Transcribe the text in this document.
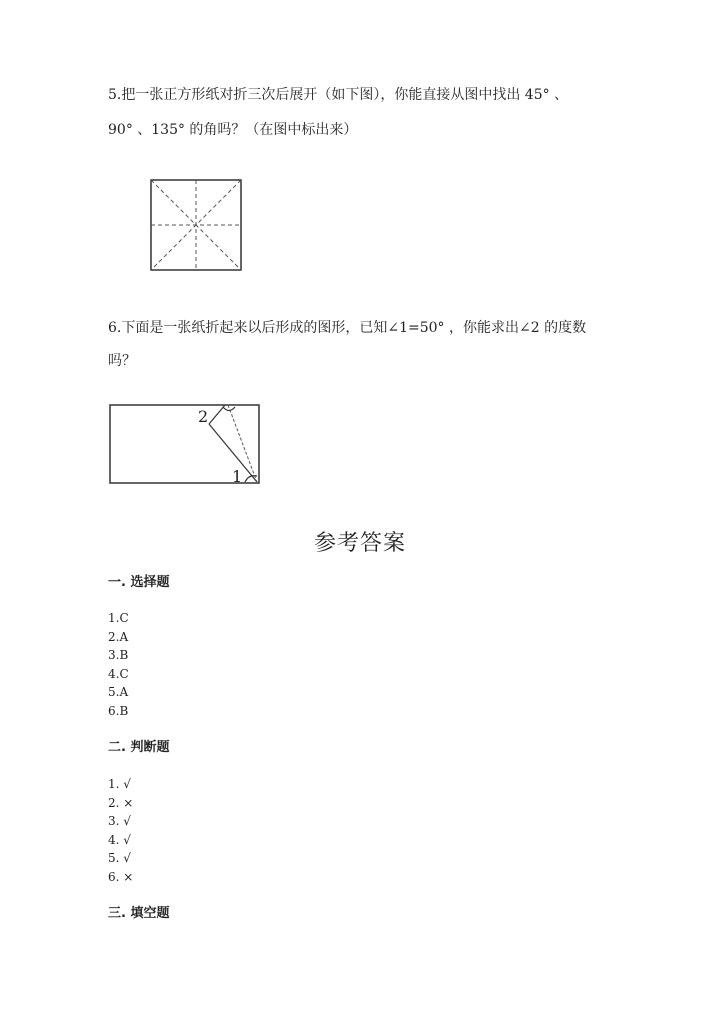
5.把一张正方形纸对折三次后展开（如下图），你能直接从图中找出 45° 、
90° 、135° 的角吗？（在图中标出来）
6.下面是一张纸折起来以后形成的图形，已知∠1=50° ，你能求出∠2 的度数
吗？
2
1
参考答案
一. 选择题
1.C
2.A
3.B
4.C
5.A
6.B
二. 判断题
1. √
2. ×
3. √
4. √
5. √
6. ×
三. 填空题
